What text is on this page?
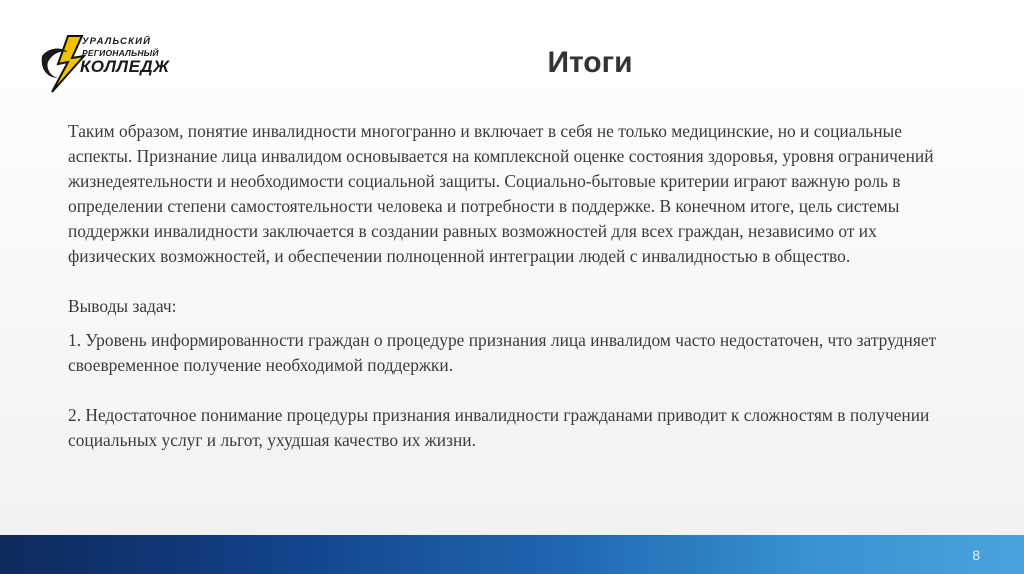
УРАЛЬСКИЙ
РЕГИОНАЛЬНЫЙ
КОЛЛЕДЖ	Итоги

Таким образом, понятие инвалидности многогранно и включает в себя не только медицинские, но и социальные аспекты. Признание лица инвалидом основывается на комплексной оценке состояния здоровья, уровня ограничений жизнедеятельности и необходимости социальной защиты. Социально-бытовые критерии играют важную роль в определении степени самостоятельности человека и потребности в поддержке. В конечном итоге, цель системы поддержки инвалидности заключается в создании равных возможностей для всех граждан, независимо от их физических возможностей, и обеспечении полноценной интеграции людей с инвалидностью в общество.

Выводы задач:

1. Уровень информированности граждан о процедуре признания лица инвалидом часто недостаточен, что затрудняет своевременное получение необходимой поддержки.

2. Недостаточное понимание процедуры признания инвалидности гражданами приводит к сложностям в получении социальных услуг и льгот, ухудшая качество их жизни.

8
